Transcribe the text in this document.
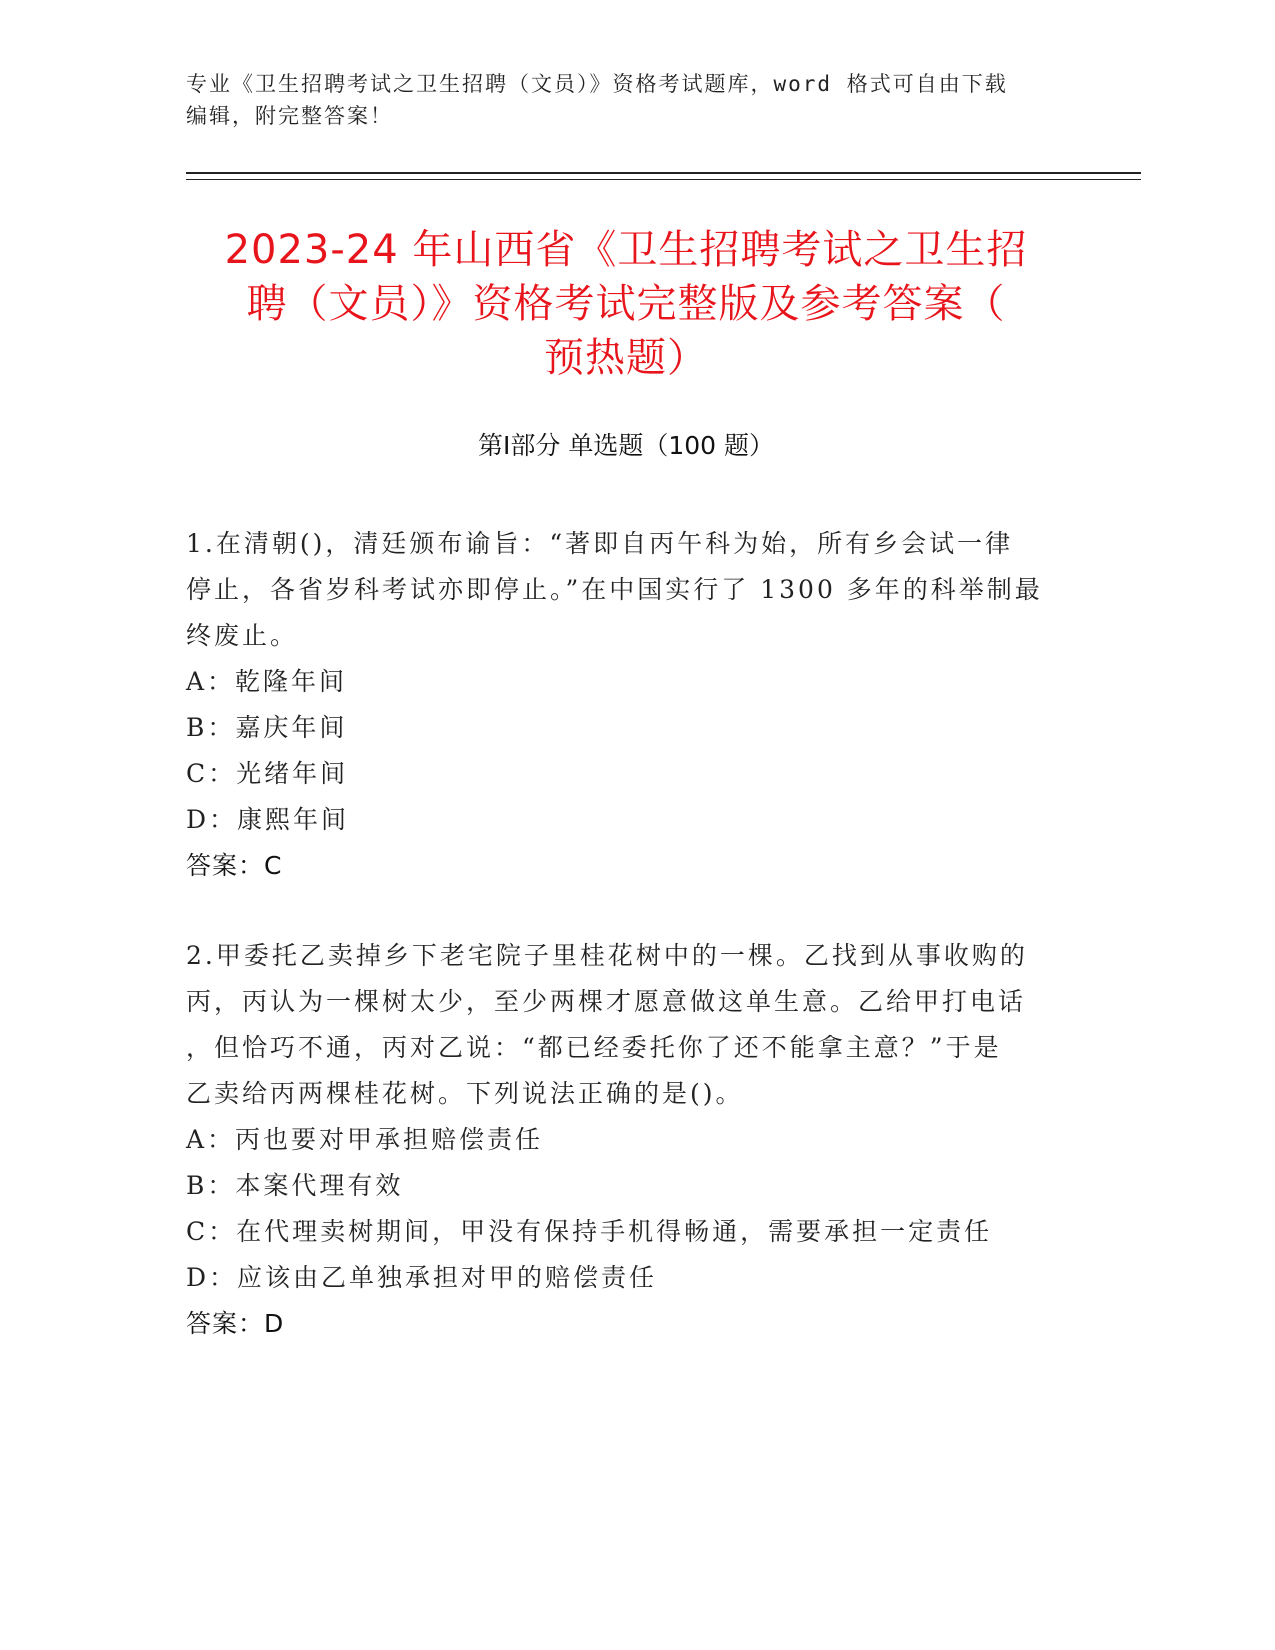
专业《卫生招聘考试之卫生招聘（文员）》资格考试题库，word 格式可自由下载
编辑，附完整答案！
2023-24 年山西省《卫生招聘考试之卫生招
聘（文员）》资格考试完整版及参考答案（
预热题）
第Ⅰ部分 单选题（100 题）

1.在清朝()，清廷颁布谕旨：“著即自丙午科为始，所有乡会试一律

停止，各省岁科考试亦即停止。”在中国实行了 1300 多年的科举制最

终废止。

A：乾隆年间

B：嘉庆年间

C：光绪年间

D：康熙年间

答案：C

2.甲委托乙卖掉乡下老宅院子里桂花树中的一棵。乙找到从事收购的

丙，丙认为一棵树太少，至少两棵才愿意做这单生意。乙给甲打电话

，但恰巧不通，丙对乙说：“都已经委托你了还不能拿主意？”于是

乙卖给丙两棵桂花树。下列说法正确的是()。

A：丙也要对甲承担赔偿责任

B：本案代理有效

C：在代理卖树期间，甲没有保持手机得畅通，需要承担一定责任

D：应该由乙单独承担对甲的赔偿责任

答案：D
